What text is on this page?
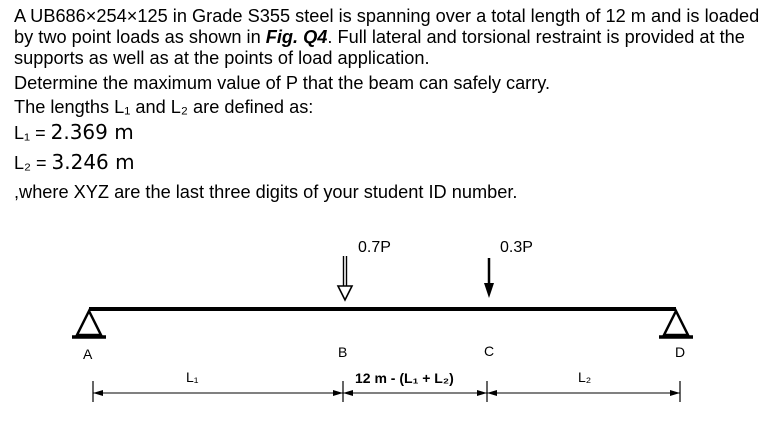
A UB686×254×125 in Grade S355 steel is spanning over a total length of 12 m and is loaded by two point loads as shown in Fig. Q4. Full lateral and torsional restraint is provided at the supports as well as at the points of load application.

Determine the maximum value of P that the beam can safely carry.

The lengths L₁ and L₂ are defined as:

L₁ = 2.369 m

L₂ = 3.246 m

,where XYZ are the last three digits of your student ID number.

0.7P	0.3P
A	B	C	D
L₁	12 m - (L₁ + L₂)	L₂
